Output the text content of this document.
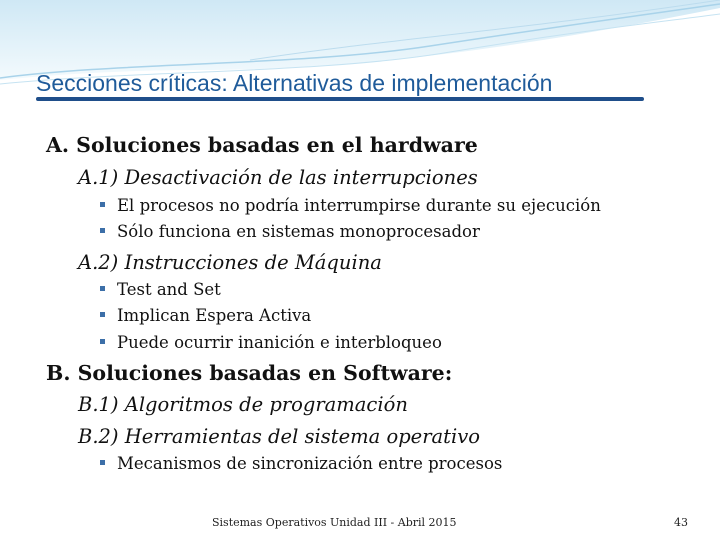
Secciones críticas: Alternativas de implementación
A. Soluciones basadas en el hardware
A.1) Desactivación de las interrupciones
El procesos no podría interrumpirse durante su ejecución
Sólo funciona en sistemas monoprocesador
A.2) Instrucciones de Máquina
Test and Set
Implican Espera Activa
Puede ocurrir inanición e interbloqueo
B. Soluciones basadas en Software:
B.1) Algoritmos de programación
B.2) Herramientas del sistema operativo
Mecanismos de sincronización entre procesos
Sistemas Operativos Unidad III - Abril 2015	43
